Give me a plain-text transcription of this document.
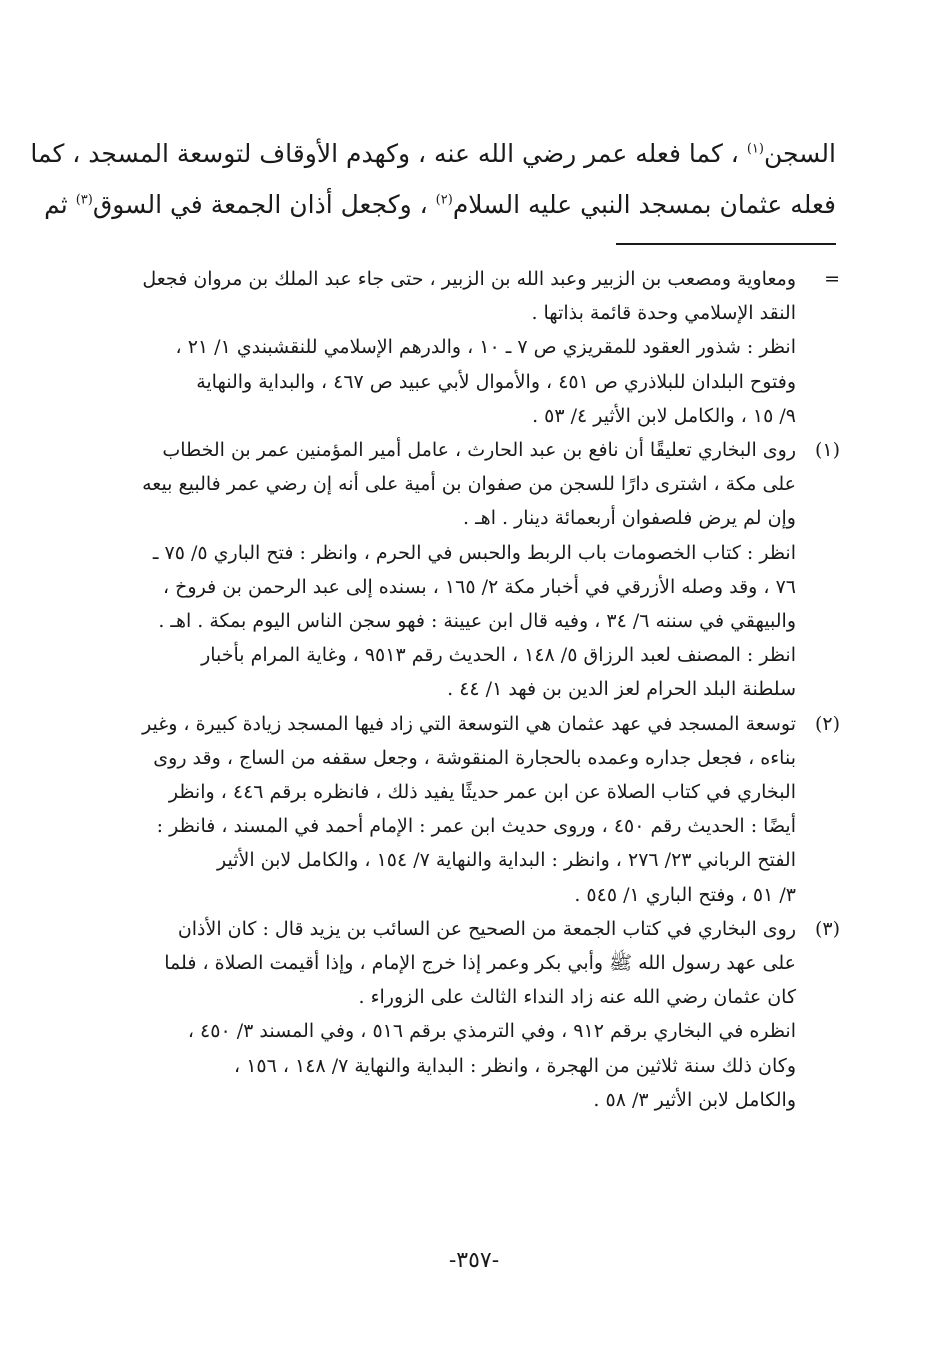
السجن$^{(١)}$ ، كما فعله عمر رضي الله عنه ، وكهدم الأوقاف لتوسعة المسجد ، كما
فعله عثمان بمسجد النبي عليه السلام$^{(٢)}$ ، وكجعل أذان الجمعة في السوق$^{(٣)}$ ثم
=
ومعاوية ومصعب بن الزبير وعبد الله بن الزبير ، حتى جاء عبد الملك بن مروان فجعل
النقد الإسلامي وحدة قائمة بذاتها .
انظر : شذور العقود للمقريزي ص ٧ ـ ١٠ ، والدرهم الإسلامي للنقشبندي ١/ ٢١ ،
وفتوح البلدان للبلاذري ص ٤٥١ ، والأموال لأبي عبيد ص ٤٦٧ ، والبداية والنهاية
٩/ ١٥ ، والكامل لابن الأثير ٤/ ٥٣ .
(١)
روى البخاري تعليقًا أن نافع بن عبد الحارث ، عامل أمير المؤمنين عمر بن الخطاب
على مكة ، اشترى دارًا للسجن من صفوان بن أمية على أنه إن رضي عمر فالبيع بيعه
وإن لم يرض فلصفوان أربعمائة دينار . اهـ .
انظر : كتاب الخصومات باب الربط والحبس في الحرم ، وانظر : فتح الباري ٥/ ٧٥ ـ
٧٦ ، وقد وصله الأزرقي في أخبار مكة ٢/ ١٦٥ ، بسنده إلى عبد الرحمن بن فروخ ،
والبيهقي في سننه ٦/ ٣٤ ، وفيه قال ابن عيينة : فهو سجن الناس اليوم بمكة . اهـ .
انظر : المصنف لعبد الرزاق ٥/ ١٤٨ ، الحديث رقم ٩٥١٣ ، وغاية المرام بأخبار
سلطنة البلد الحرام لعز الدين بن فهد ١/ ٤٤ .
(٢)
توسعة المسجد في عهد عثمان هي التوسعة التي زاد فيها المسجد زيادة كبيرة ، وغير
بناءه ، فجعل جداره وعمده بالحجارة المنقوشة ، وجعل سقفه من الساج ، وقد روى
البخاري في كتاب الصلاة عن ابن عمر حديثًا يفيد ذلك ، فانظره برقم ٤٤٦ ، وانظر
أيضًا : الحديث رقم ٤٥٠ ، وروى حديث ابن عمر : الإمام أحمد في المسند ، فانظر :
الفتح الرباني ٢٣/ ٢٧٦ ، وانظر : البداية والنهاية ٧/ ١٥٤ ، والكامل لابن الأثير
٣/ ٥١ ، وفتح الباري ١/ ٥٤٥ .
(٣)
روى البخاري في كتاب الجمعة من الصحيح عن السائب بن يزيد قال : كان الأذان
على عهد رسول الله ﷺ وأبي بكر وعمر إذا خرج الإمام ، وإذا أقيمت الصلاة ، فلما
كان عثمان رضي الله عنه زاد النداء الثالث على الزوراء .
انظره في البخاري برقم ٩١٢ ، وفي الترمذي برقم ٥١٦ ، وفي المسند ٣/ ٤٥٠ ،
وكان ذلك سنة ثلاثين من الهجرة ، وانظر : البداية والنهاية ٧/ ١٤٨ ، ١٥٦ ،
والكامل لابن الأثير ٣/ ٥٨ .
-٣٥٧-
